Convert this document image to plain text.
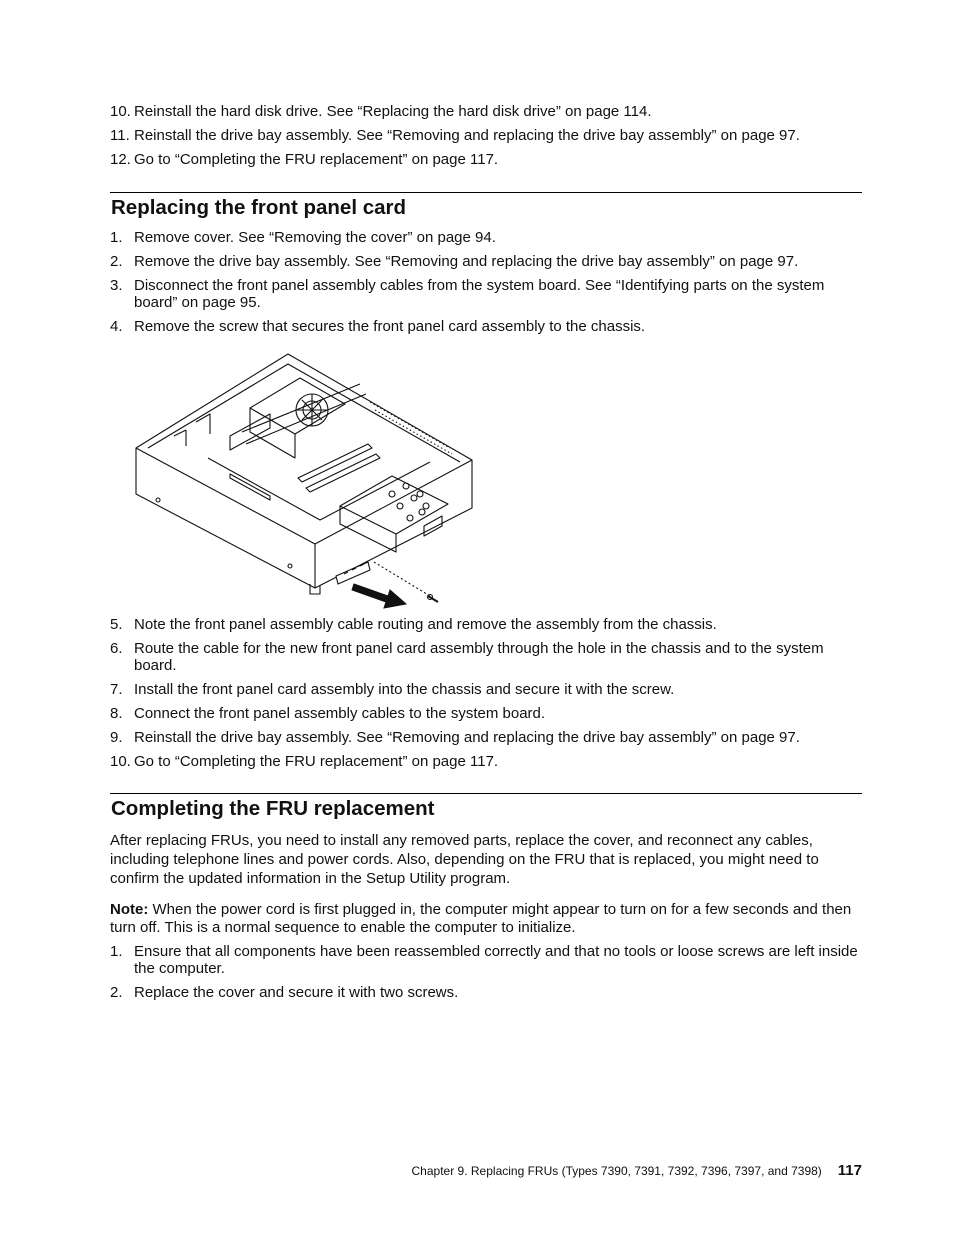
10. Reinstall the hard disk drive. See “Replacing the hard disk drive” on page 114.
11. Reinstall the drive bay assembly. See “Removing and replacing the drive bay assembly” on page 97.
12. Go to “Completing the FRU replacement” on page 117.
Replacing the front panel card
1. Remove cover. See “Removing the cover” on page 94.
2. Remove the drive bay assembly. See “Removing and replacing the drive bay assembly” on page 97.
3. Disconnect the front panel assembly cables from the system board. See “Identifying parts on the system board” on page 95.
4. Remove the screw that secures the front panel card assembly to the chassis.
5. Note the front panel assembly cable routing and remove the assembly from the chassis.
6. Route the cable for the new front panel card assembly through the hole in the chassis and to the system board.
7. Install the front panel card assembly into the chassis and secure it with the screw.
8. Connect the front panel assembly cables to the system board.
9. Reinstall the drive bay assembly. See “Removing and replacing the drive bay assembly” on page 97.
10. Go to “Completing the FRU replacement” on page 117.
Completing the FRU replacement

After replacing FRUs, you need to install any removed parts, replace the cover, and reconnect any cables, including telephone lines and power cords. Also, depending on the FRU that is replaced, you might need to confirm the updated information in the Setup Utility program.

Note: When the power cord is first plugged in, the computer might appear to turn on for a few seconds and then turn off. This is a normal sequence to enable the computer to initialize.

1. Ensure that all components have been reassembled correctly and that no tools or loose screws are left inside the computer.
2. Replace the cover and secure it with two screws.
Chapter 9. Replacing FRUs (Types 7390, 7391, 7392, 7396, 7397, and 7398) 117
